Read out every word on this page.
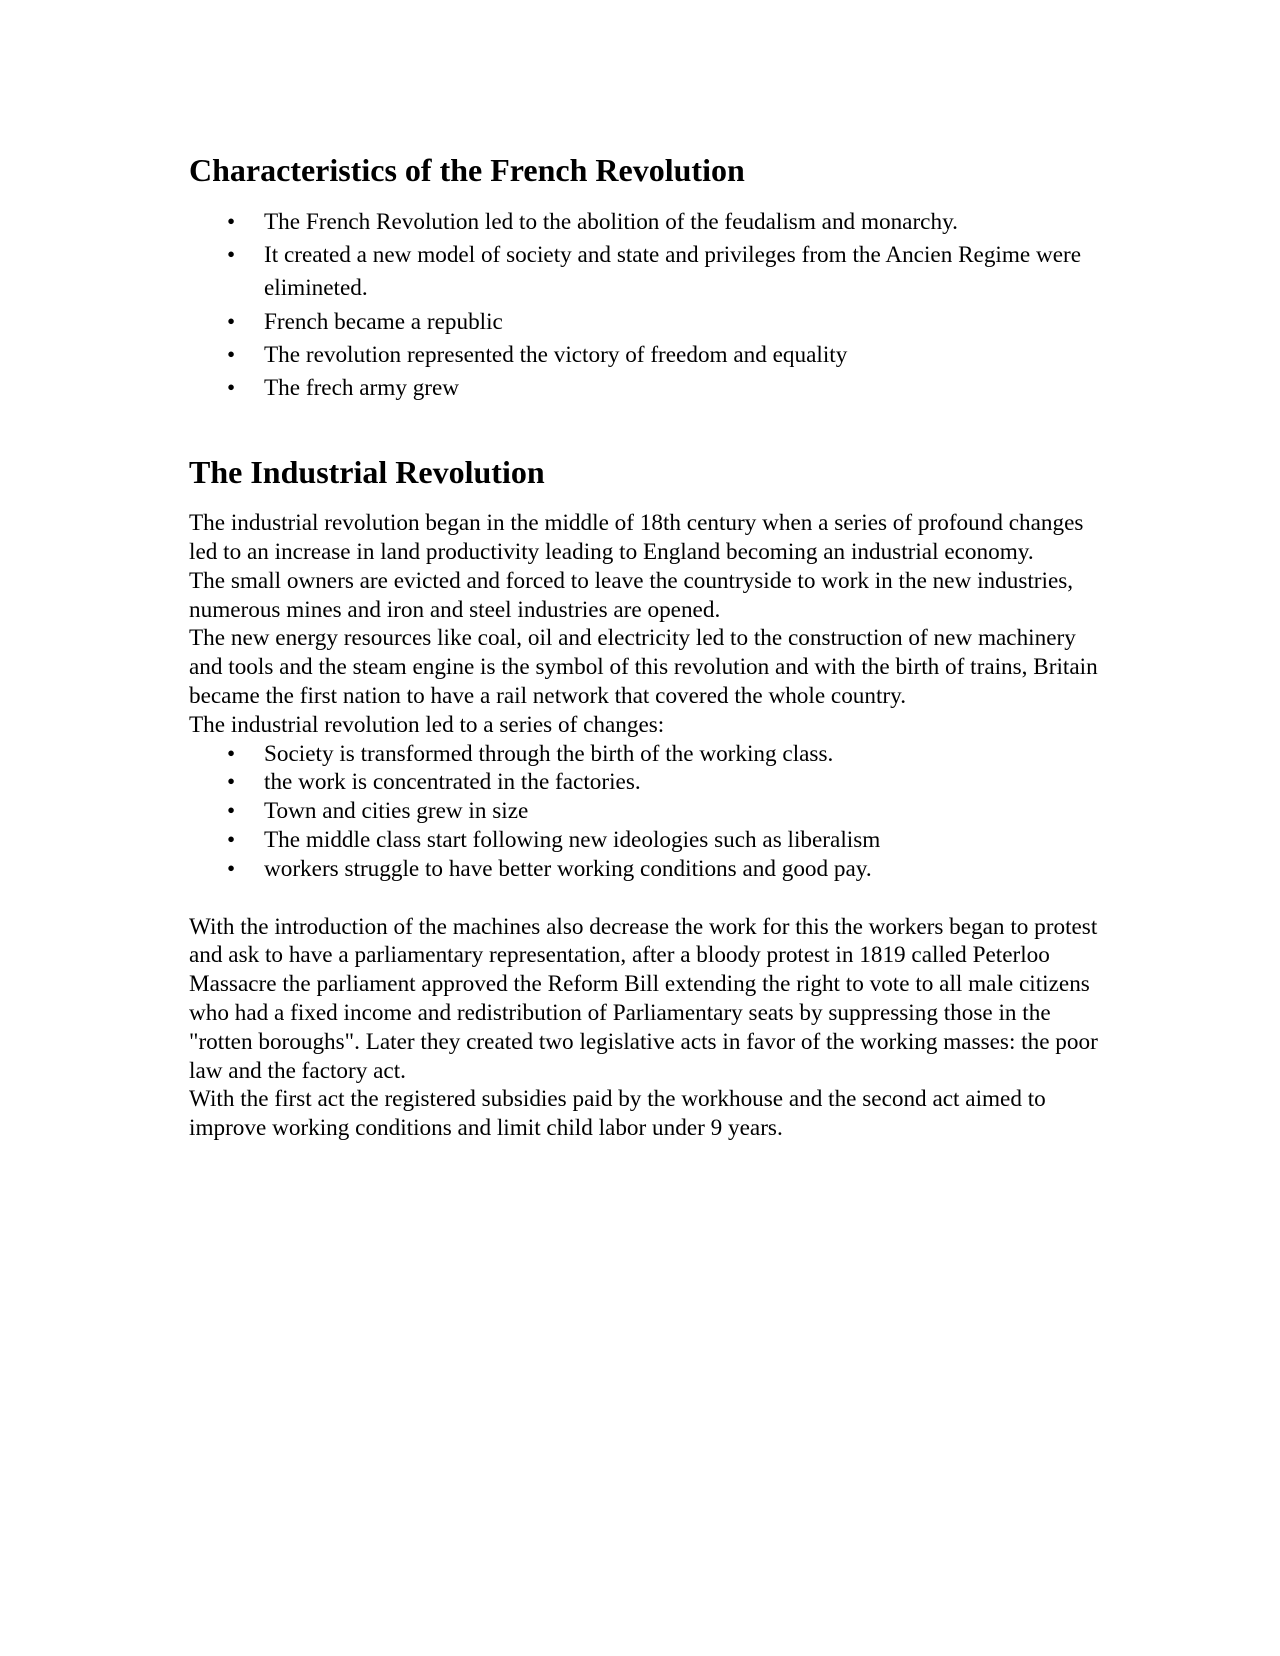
Characteristics of the French Revolution
• The French Revolution led to the abolition of the feudalism and monarchy.
• It created a new model of society and state and privileges from the Ancien Regime were elimineted.
• French became a republic
• The revolution represented the victory of freedom and equality
• The frech army grew
The Industrial Revolution

The industrial revolution began in the middle of 18th century when a series of profound changes led to an increase in land productivity leading to England becoming an industrial economy.

The small owners are evicted and forced to leave the countryside to work in the new industries, numerous mines and iron and steel industries are opened.

The new energy resources like coal, oil and electricity led to the construction of new machinery and tools and the steam engine is the symbol of this revolution and with the birth of trains, Britain became the first nation to have a rail network that covered the whole country.

The industrial revolution led to a series of changes:

• Society is transformed through the birth of the working class.
• the work is concentrated in the factories.
• Town and cities grew in size
• The middle class start following new ideologies such as liberalism
• workers struggle to have better working conditions and good pay.

With the introduction of the machines also decrease the work for this the workers began to protest and ask to have a parliamentary representation, after a bloody protest in 1819 called Peterloo Massacre the parliament approved the Reform Bill extending the right to vote to all male citizens who had a fixed income and redistribution of Parliamentary seats by suppressing those in the "rotten boroughs". Later they created two legislative acts in favor of the working masses: the poor law and the factory act.

With the first act the registered subsidies paid by the workhouse and the second act aimed to improve working conditions and limit child labor under 9 years.
